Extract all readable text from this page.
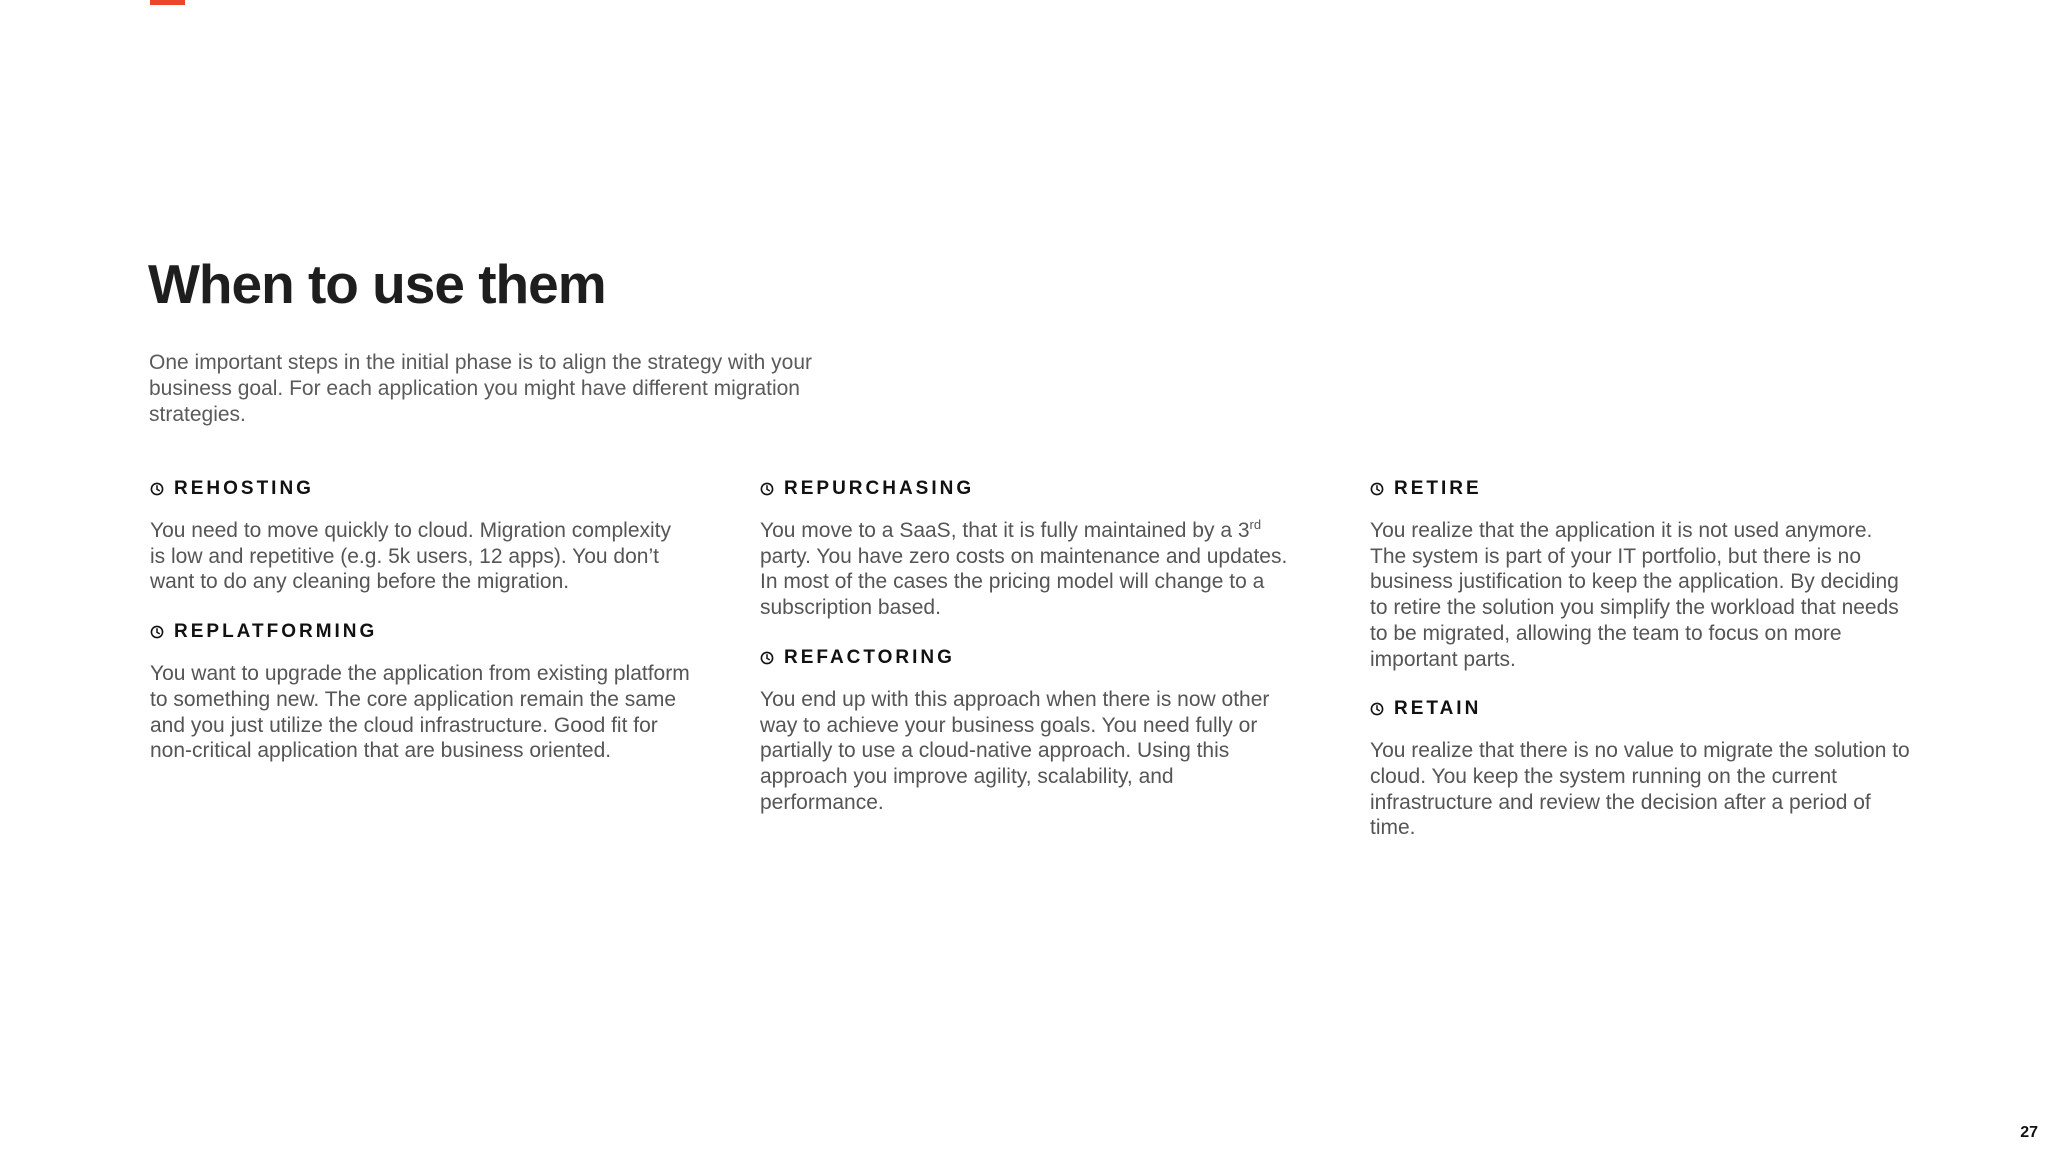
When to use them

One important steps in the initial phase is to align the strategy with your business goal. For each application you might have different migration strategies.

REHOSTING

You need to move quickly to cloud. Migration complexity is low and repetitive (e.g. 5k users, 12 apps). You don’t want to do any cleaning before the migration.

REPLATFORMING

You want to upgrade the application from existing platform to something new. The core application remain the same and you just utilize the cloud infrastructure. Good fit for non-critical application that are business oriented.

REPURCHASING

You move to a SaaS, that it is fully maintained by a 3rd party. You have zero costs on maintenance and updates. In most of the cases the pricing model will change to a subscription based.

REFACTORING

You end up with this approach when there is now other way to achieve your business goals. You need fully or partially to use a cloud-native approach. Using this approach you improve agility, scalability, and performance.

RETIRE

You realize that the application it is not used anymore. The system is part of your IT portfolio, but there is no business justification to keep the application. By deciding to retire the solution you simplify the workload that needs to be migrated, allowing the team to focus on more important parts.

RETAIN

You realize that there is no value to migrate the solution to cloud. You keep the system running on the current infrastructure and review the decision after a period of time.

27
